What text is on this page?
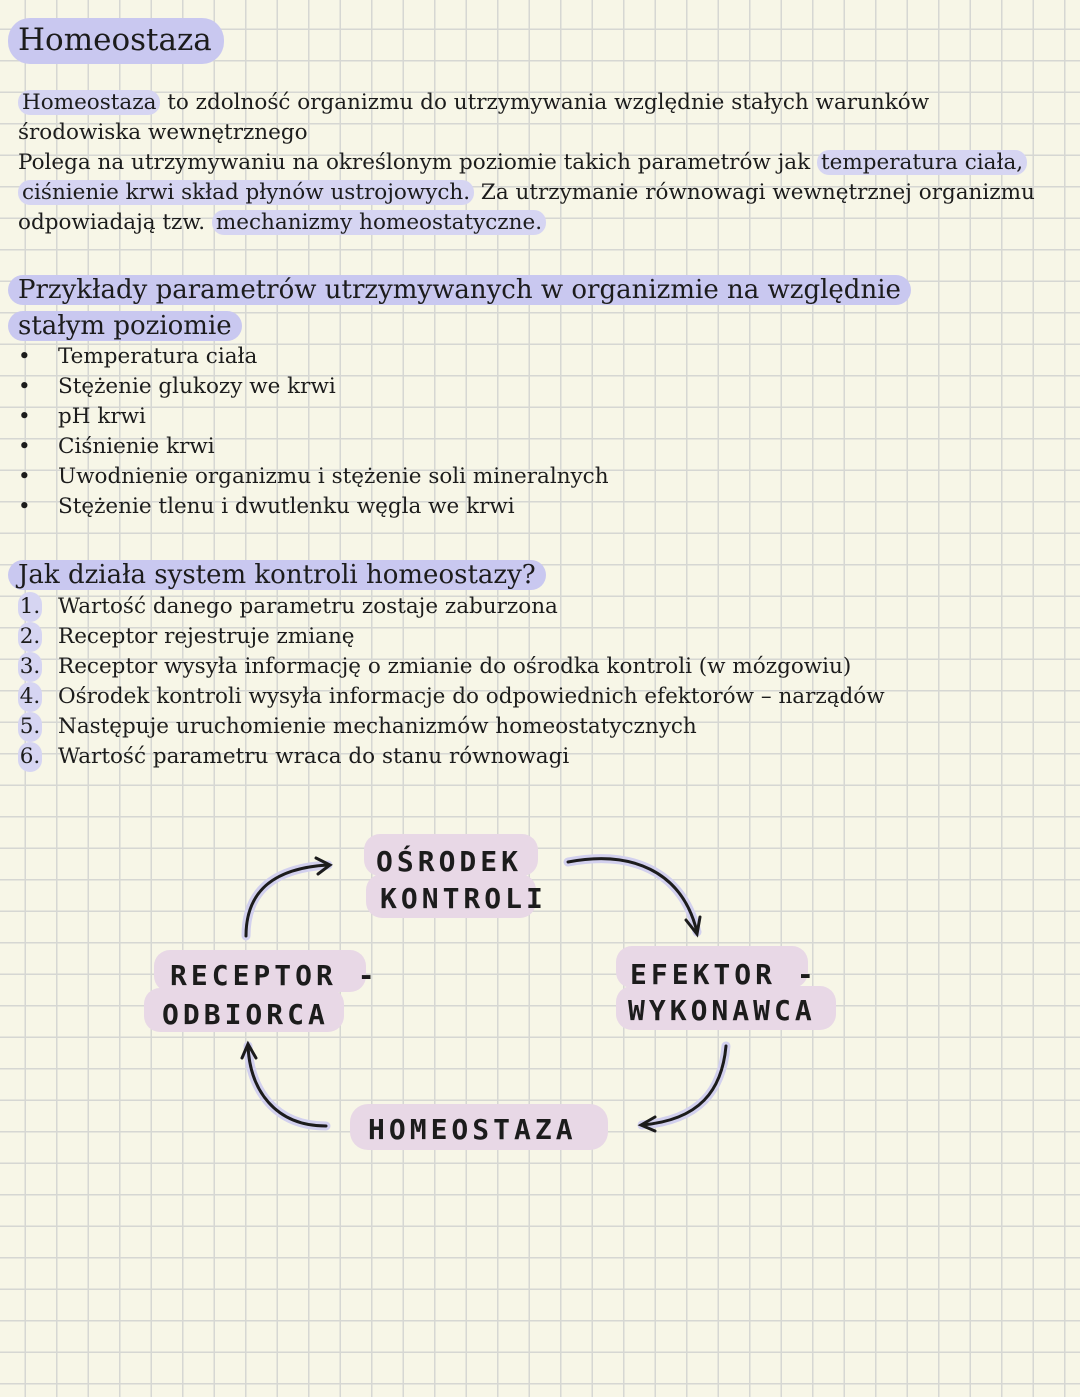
Homeostaza
Homeostaza to zdolność organizmu do utrzymywania względnie stałych warunków
środowiska wewnętrznego
Polega na utrzymywaniu na określonym poziomie takich parametrów jak temperatura ciała,
ciśnienie krwi skład płynów ustrojowych. Za utrzymanie równowagi wewnętrznej organizmu
odpowiadają tzw. mechanizmy homeostatyczne.
Przykłady parametrów utrzymywanych w organizmie na względnie
stałym poziomie
•	Temperatura ciała
•	Stężenie glukozy we krwi
•	pH krwi
•	Ciśnienie krwi
•	Uwodnienie organizmu i stężenie soli mineralnych
•	Stężenie tlenu i dwutlenku węgla we krwi
Jak działa system kontroli homeostazy?
1. Wartość danego parametru zostaje zaburzona
2. Receptor rejestruje zmianę
3. Receptor wysyła informację o zmianie do ośrodka kontroli (w mózgowiu)
4. Ośrodek kontroli wysyła informacje do odpowiednich efektorów – narządów
5. Następuje uruchomienie mechanizmów homeostatycznych
6. Wartość parametru wraca do stanu równowagi
OŚRODEK
KONTROLI
RECEPTOR -
ODBIORCA
EFEKTOR -
WYKONAWCA
HOMEOSTAZA
